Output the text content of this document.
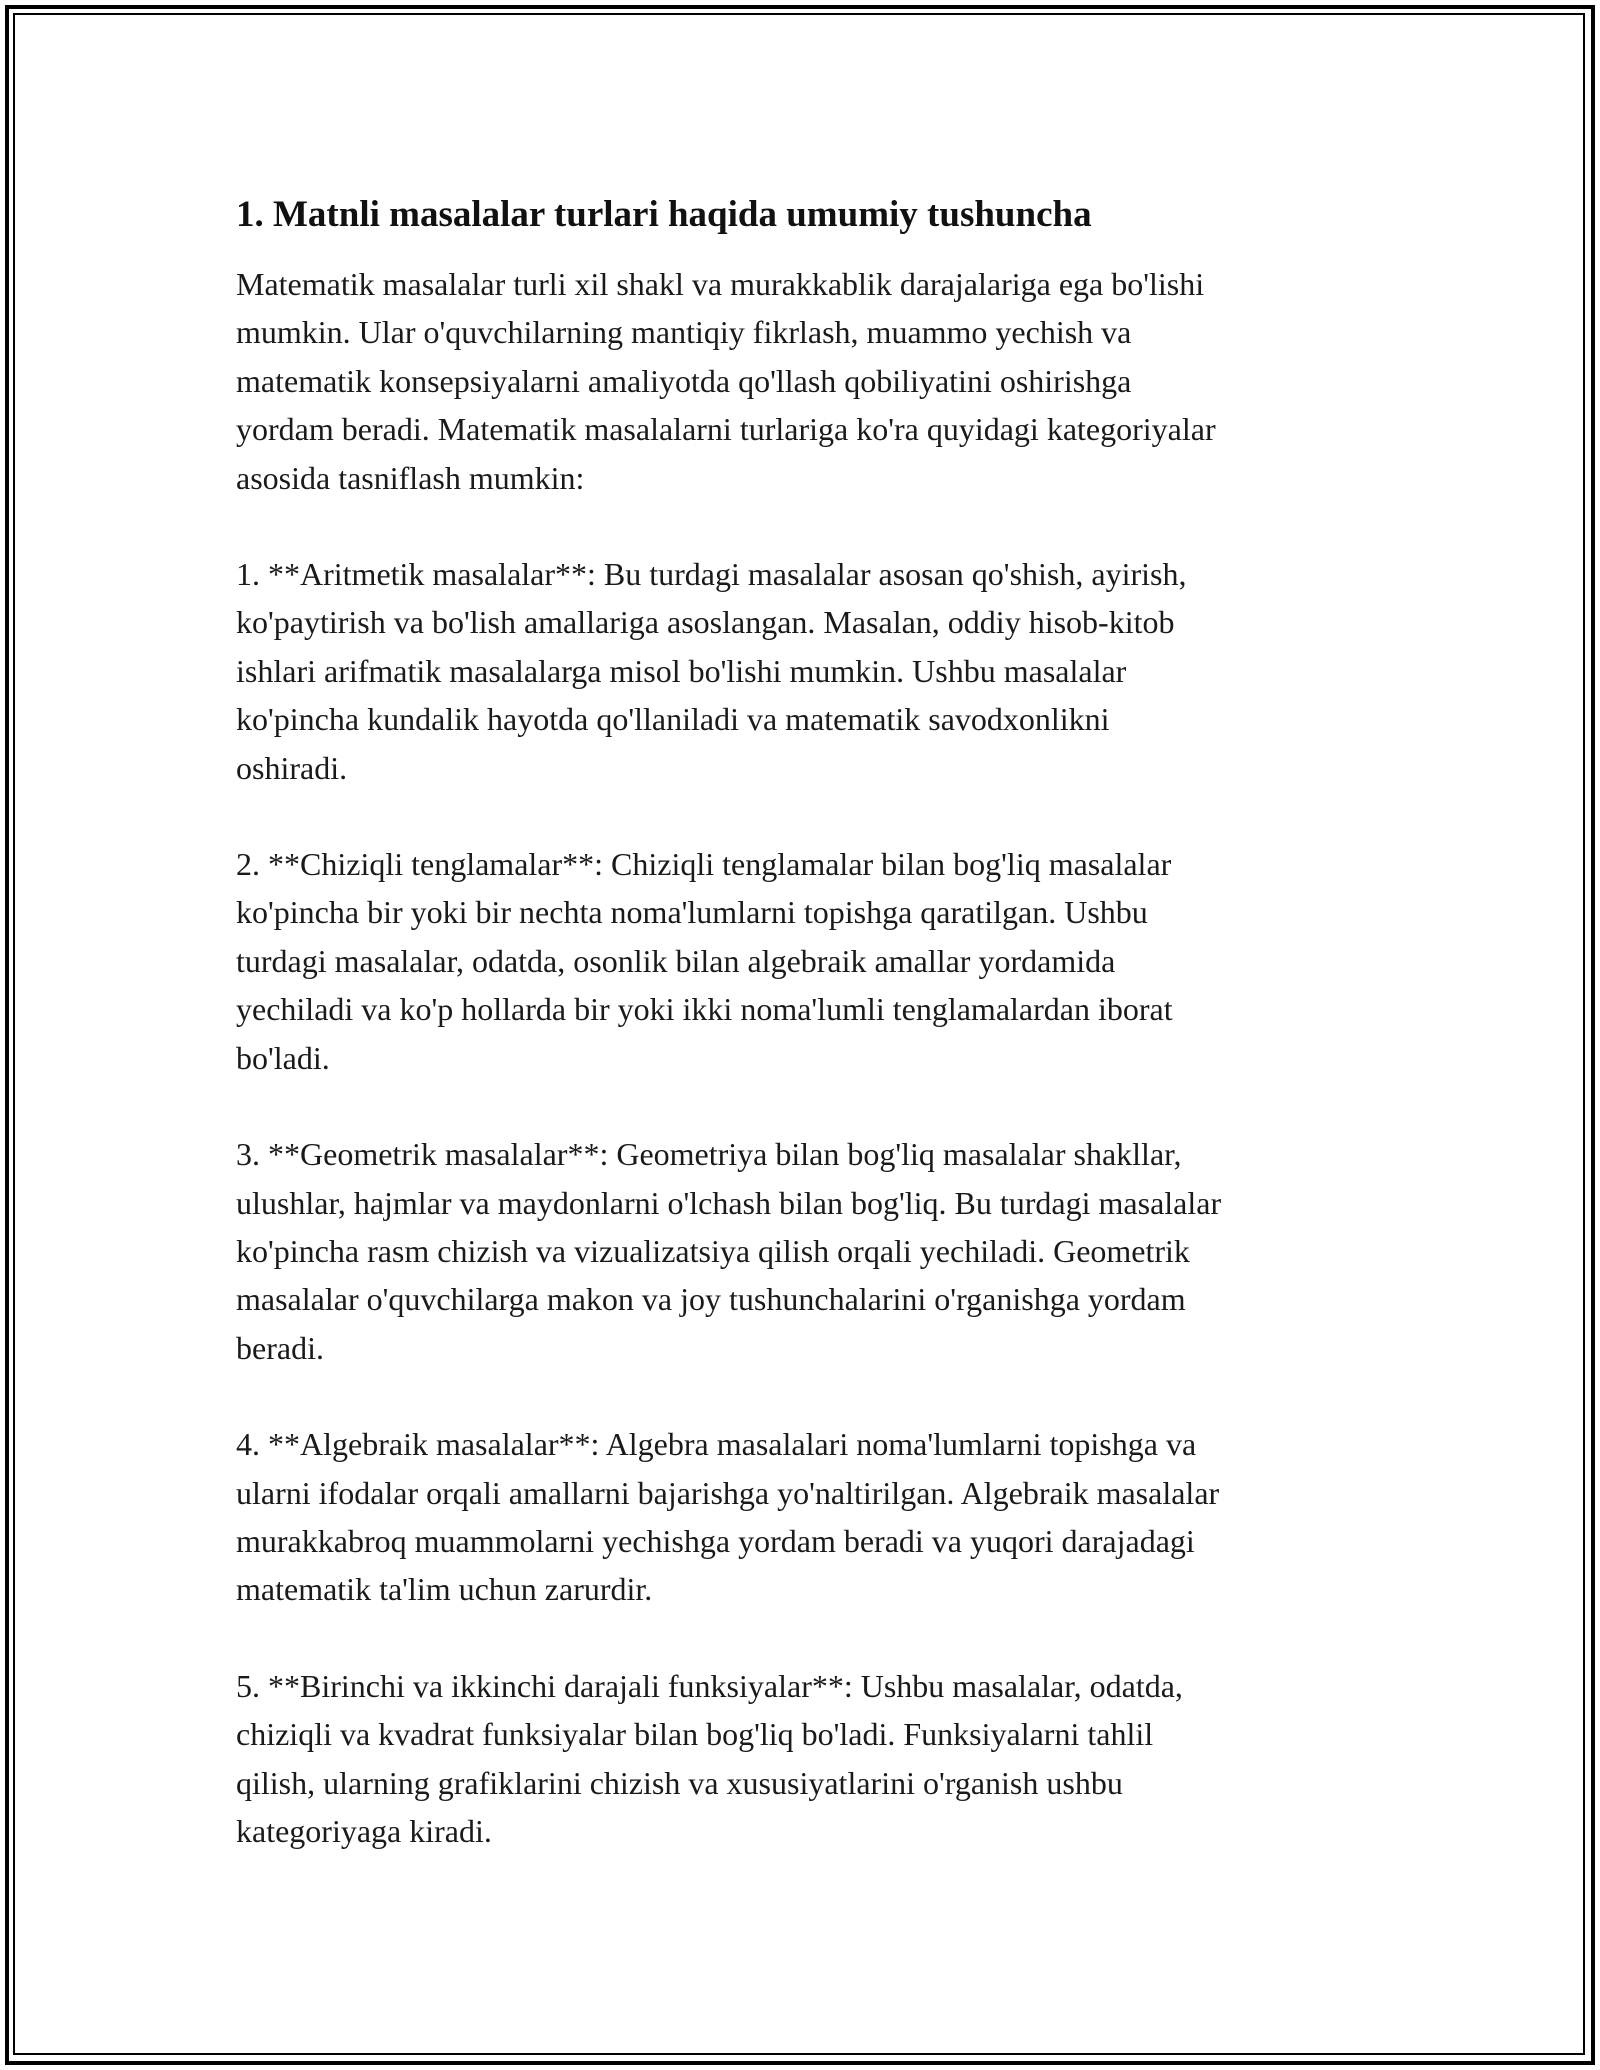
1. Matnli masalalar turlari haqida umumiy tushuncha

Matematik masalalar turli xil shakl va murakkablik darajalariga ega bo'lishi
mumkin. Ular o'quvchilarning mantiqiy fikrlash, muammo yechish va
matematik konsepsiyalarni amaliyotda qo'llash qobiliyatini oshirishga
yordam beradi. Matematik masalalarni turlariga ko'ra quyidagi kategoriyalar
asosida tasniflash mumkin:

1. **Aritmetik masalalar**: Bu turdagi masalalar asosan qo'shish, ayirish,
ko'paytirish va bo'lish amallariga asoslangan. Masalan, oddiy hisob-kitob
ishlari arifmatik masalalarga misol bo'lishi mumkin. Ushbu masalalar
ko'pincha kundalik hayotda qo'llaniladi va matematik savodxonlikni
oshiradi.

2. **Chiziqli tenglamalar**: Chiziqli tenglamalar bilan bog'liq masalalar
ko'pincha bir yoki bir nechta noma'lumlarni topishga qaratilgan. Ushbu
turdagi masalalar, odatda, osonlik bilan algebraik amallar yordamida
yechiladi va ko'p hollarda bir yoki ikki noma'lumli tenglamalardan iborat
bo'ladi.

3. **Geometrik masalalar**: Geometriya bilan bog'liq masalalar shakllar,
ulushlar, hajmlar va maydonlarni o'lchash bilan bog'liq. Bu turdagi masalalar
ko'pincha rasm chizish va vizualizatsiya qilish orqali yechiladi. Geometrik
masalalar o'quvchilarga makon va joy tushunchalarini o'rganishga yordam
beradi.

4. **Algebraik masalalar**: Algebra masalalari noma'lumlarni topishga va
ularni ifodalar orqali amallarni bajarishga yo'naltirilgan. Algebraik masalalar
murakkabroq muammolarni yechishga yordam beradi va yuqori darajadagi
matematik ta'lim uchun zarurdir.

5. **Birinchi va ikkinchi darajali funksiyalar**: Ushbu masalalar, odatda,
chiziqli va kvadrat funksiyalar bilan bog'liq bo'ladi. Funksiyalarni tahlil
qilish, ularning grafiklarini chizish va xususiyatlarini o'rganish ushbu
kategoriyaga kiradi.
